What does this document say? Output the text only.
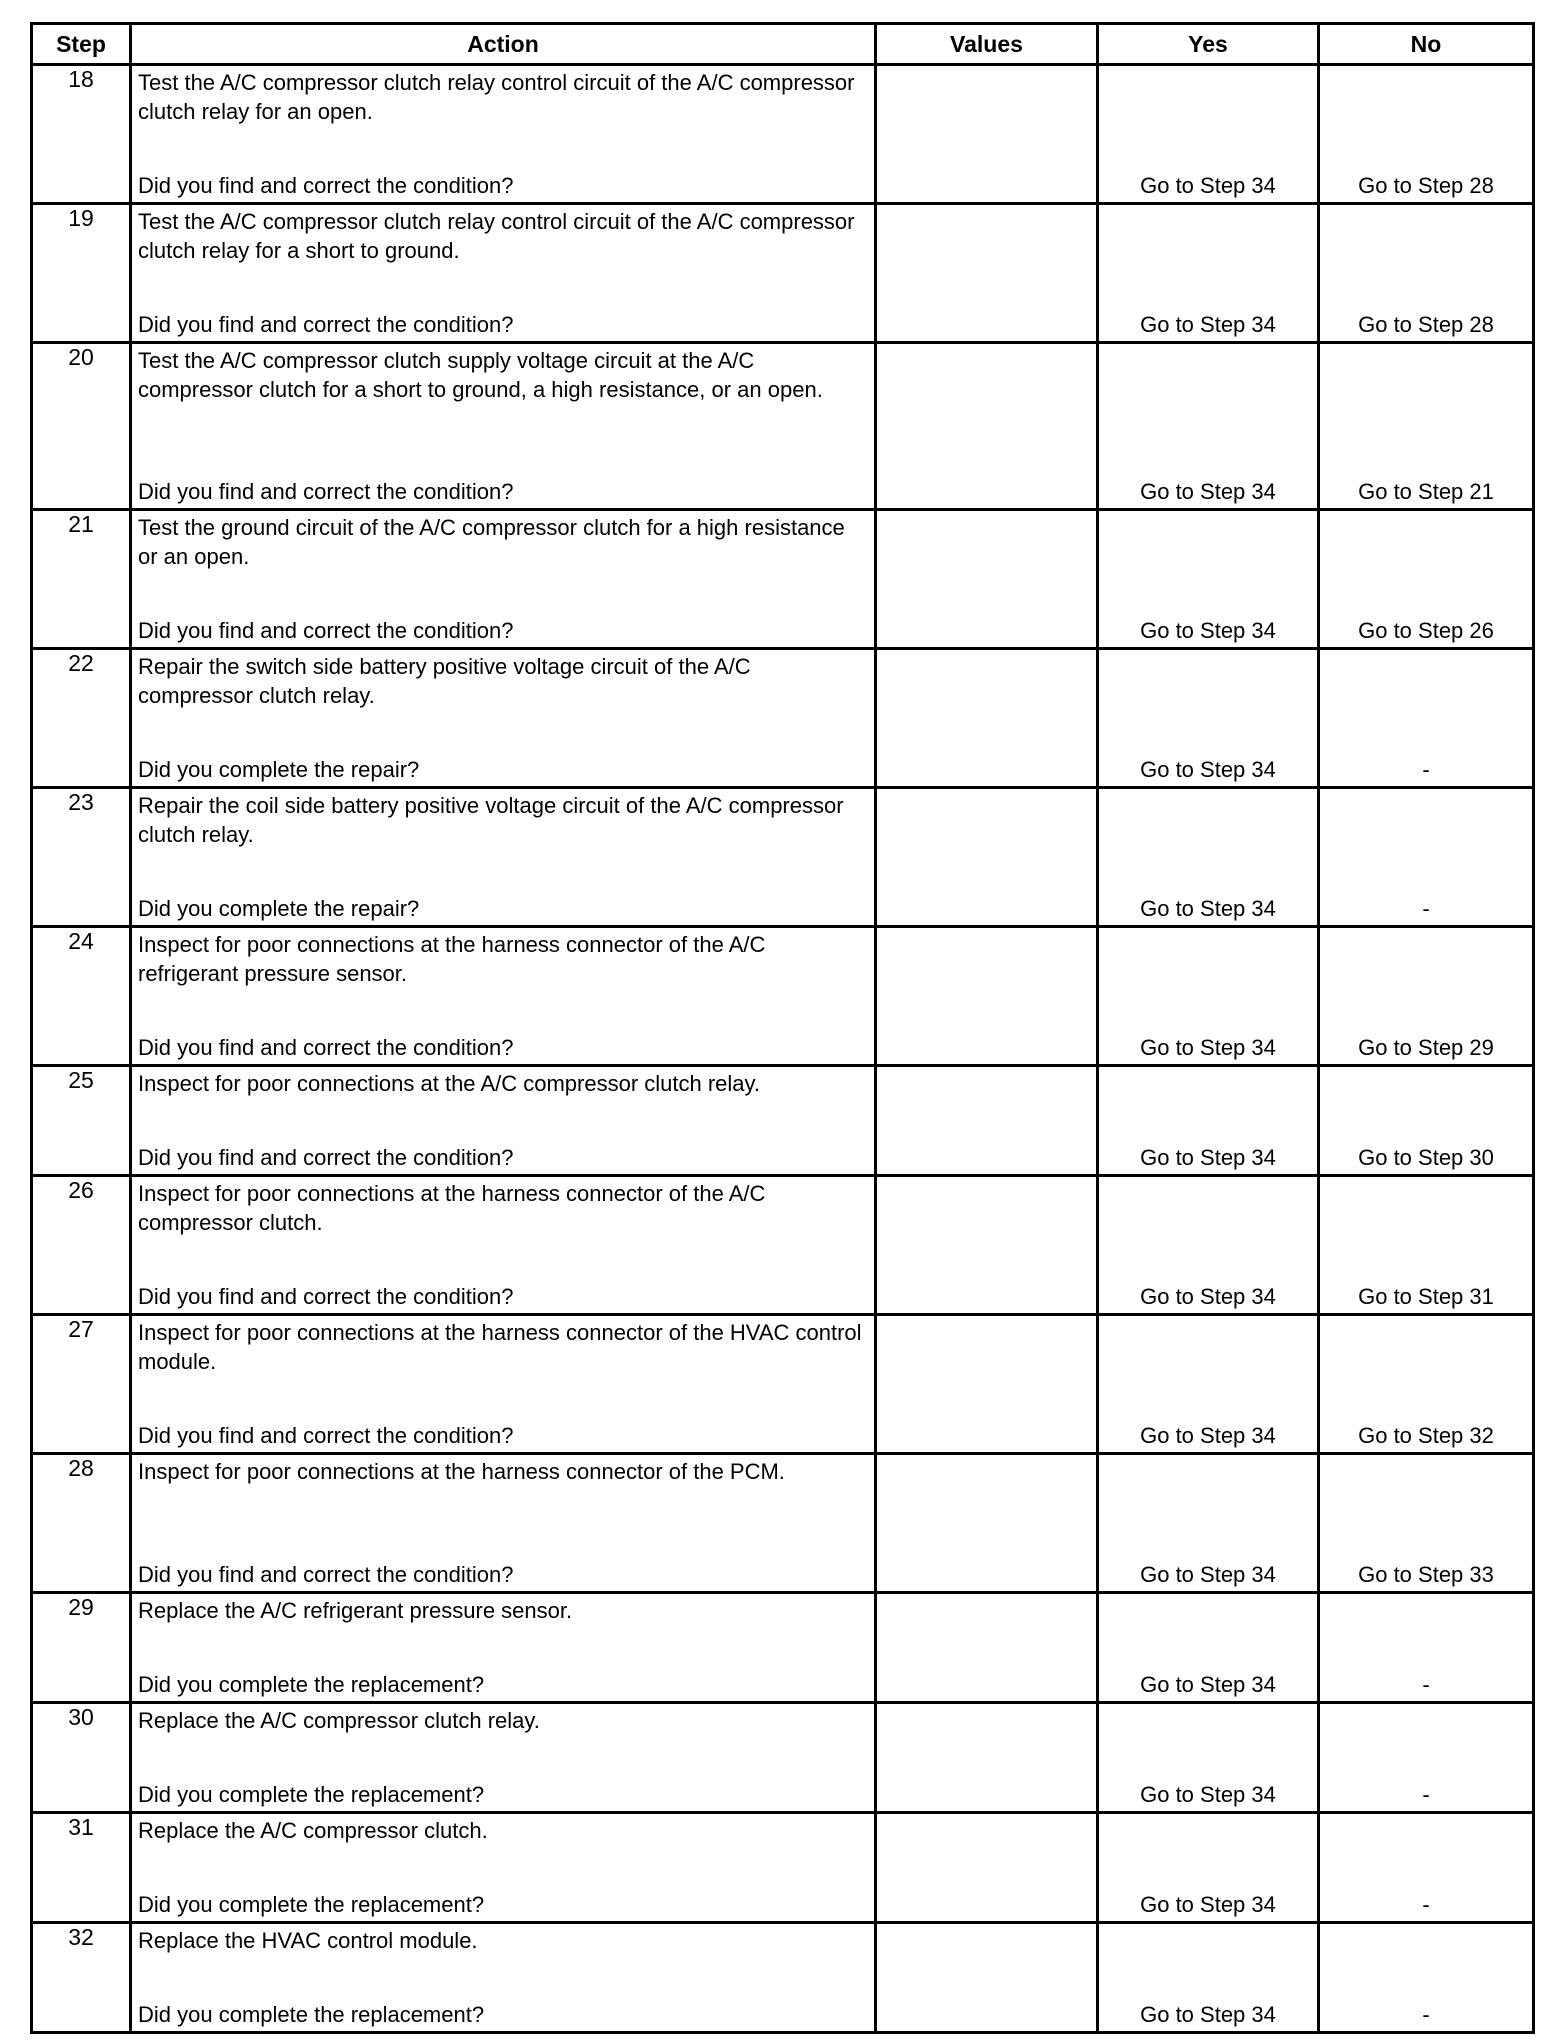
Step	Action	Values	Yes	No
18	Test the A/C compressor clutch relay control circuit of the A/C compressor clutch relay for an open.
Did you find and correct the condition?		Go to Step 34	Go to Step 28

19	Test the A/C compressor clutch relay control circuit of the A/C compressor clutch relay for a short to ground.
Did you find and correct the condition?		Go to Step 34	Go to Step 28

20	Test the A/C compressor clutch supply voltage circuit at the A/C compressor clutch for a short to ground, a high resistance, or an open.
Did you find and correct the condition?		Go to Step 34	Go to Step 21

21	Test the ground circuit of the A/C compressor clutch for a high resistance or an open.
Did you find and correct the condition?		Go to Step 34	Go to Step 26

22	Repair the switch side battery positive voltage circuit of the A/C compressor clutch relay.
Did you complete the repair?		Go to Step 34	-

23	Repair the coil side battery positive voltage circuit of the A/C compressor clutch relay.
Did you complete the repair?		Go to Step 34	-

24	Inspect for poor connections at the harness connector of the A/C refrigerant pressure sensor.
Did you find and correct the condition?		Go to Step 34	Go to Step 29

25	Inspect for poor connections at the A/C compressor clutch relay.
Did you find and correct the condition?		Go to Step 34	Go to Step 30

26	Inspect for poor connections at the harness connector of the A/C compressor clutch.
Did you find and correct the condition?		Go to Step 34	Go to Step 31

27	Inspect for poor connections at the harness connector of the HVAC control module.
Did you find and correct the condition?		Go to Step 34	Go to Step 32

28	Inspect for poor connections at the harness connector of the PCM.
Did you find and correct the condition?		Go to Step 34	Go to Step 33

29	Replace the A/C refrigerant pressure sensor.
Did you complete the replacement?		Go to Step 34	-

30	Replace the A/C compressor clutch relay.
Did you complete the replacement?		Go to Step 34	-

31	Replace the A/C compressor clutch.
Did you complete the replacement?		Go to Step 34	-

32	Replace the HVAC control module.
Did you complete the replacement?		Go to Step 34	-
